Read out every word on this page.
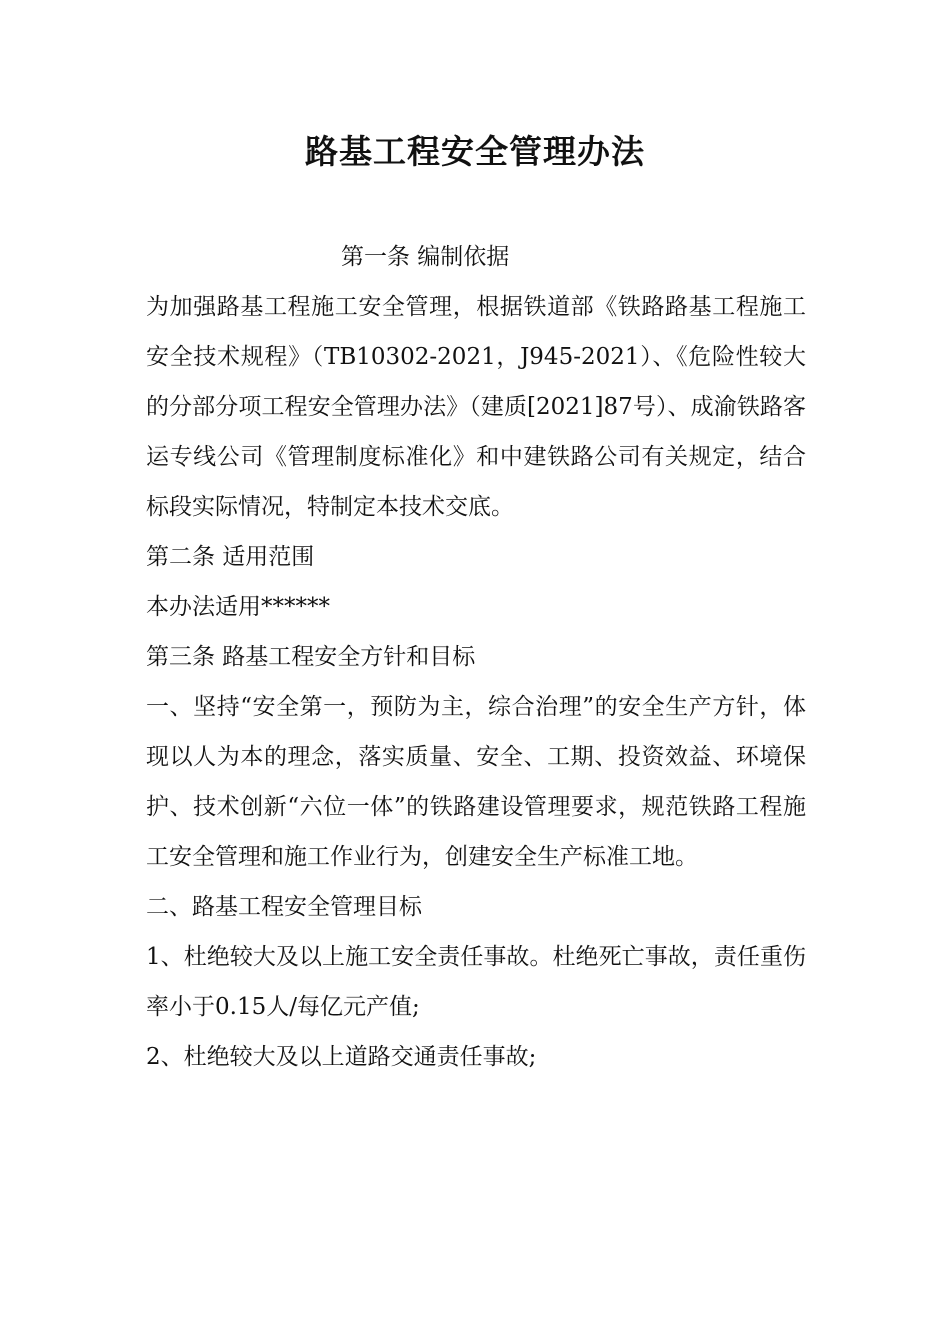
路基工程安全管理办法

第一条 编制依据

为加强路基工程施工安全管理，根据铁道部《铁路路基工程施工安全技术规程》（TB10302-2021，J945-2021）、《危险性较大的分部分项工程安全管理办法》（建质[2021]87号）、成渝铁路客运专线公司《管理制度标准化》和中建铁路公司有关规定，结合标段实际情况，特制定本技术交底。

第二条 适用范围

本办法适用******

第三条 路基工程安全方针和目标

一、坚持“安全第一，预防为主，综合治理”的安全生产方针，体现以人为本的理念，落实质量、安全、工期、投资效益、环境保护、技术创新“六位一体”的铁路建设管理要求，规范铁路工程施工安全管理和施工作业行为，创建安全生产标准工地。

二、路基工程安全管理目标

1、杜绝较大及以上施工安全责任事故。杜绝死亡事故，责任重伤率小于0.15人/每亿元产值;

2、杜绝较大及以上道路交通责任事故;
